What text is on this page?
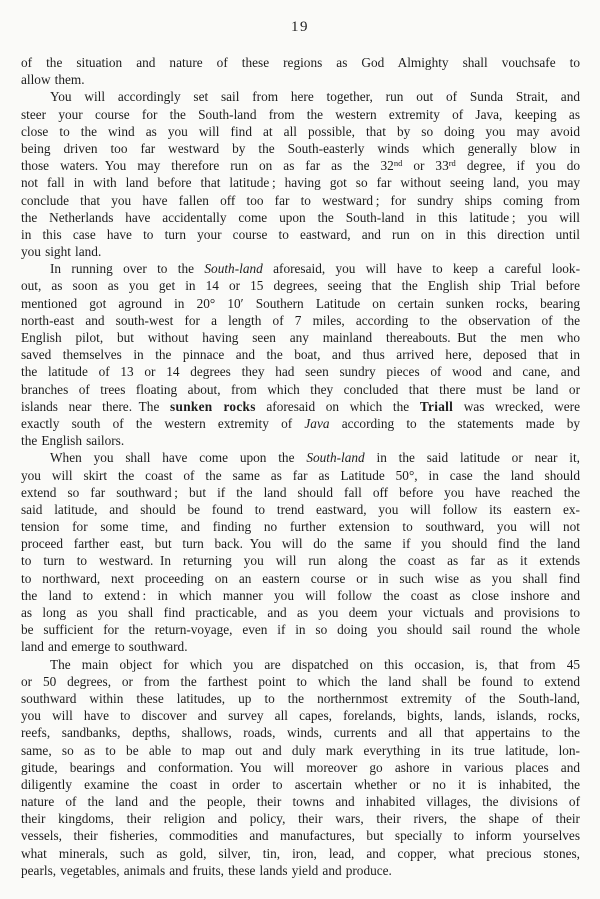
19
of the situation and nature of these regions as God Almighty shall vouchsafe to
allow them.
You will accordingly set sail from here together, run out of Sunda Strait, and
steer your course for the South-land from the western extremity of Java, keeping as
close to the wind as you will find at all possible, that by so doing you may avoid
being driven too far westward by the South-easterly winds which generally blow in
those waters. You may therefore run on as far as the 32nd or 33rd degree, if you do
not fall in with land before that latitude ; having got so far without seeing land, you may
conclude that you have fallen off too far to westward ; for sundry ships coming from
the Netherlands have accidentally come upon the South-land in this latitude ; you will
in this case have to turn your course to eastward, and run on in this direction until
you sight land.
In running over to the South-land aforesaid, you will have to keep a careful look-
out, as soon as you get in 14 or 15 degrees, seeing that the English ship Trial before
mentioned got aground in 20° 10′ Southern Latitude on certain sunken rocks, bearing
north-east and south-west for a length of 7 miles, according to the observation of the
English pilot, but without having seen any mainland thereabouts. But the men who
saved themselves in the pinnace and the boat, and thus arrived here, deposed that in
the latitude of 13 or 14 degrees they had seen sundry pieces of wood and cane, and
branches of trees floating about, from which they concluded that there must be land or
islands near there. The sunken rocks aforesaid on which the Triall was wrecked, were
exactly south of the western extremity of Java according to the statements made by
the English sailors.
When you shall have come upon the South-land in the said latitude or near it,
you will skirt the coast of the same as far as Latitude 50°, in case the land should
extend so far southward ; but if the land should fall off before you have reached the
said latitude, and should be found to trend eastward, you will follow its eastern ex-
tension for some time, and finding no further extension to southward, you will not
proceed farther east, but turn back. You will do the same if you should find the land
to turn to westward. In returning you will run along the coast as far as it extends
to northward, next proceeding on an eastern course or in such wise as you shall find
the land to extend : in which manner you will follow the coast as close inshore and
as long as you shall find practicable, and as you deem your victuals and provisions to
be sufficient for the return-voyage, even if in so doing you should sail round the whole
land and emerge to southward.
The main object for which you are dispatched on this occasion, is, that from 45
or 50 degrees, or from the farthest point to which the land shall be found to extend
southward within these latitudes, up to the northernmost extremity of the South-land,
you will have to discover and survey all capes, forelands, bights, lands, islands, rocks,
reefs, sandbanks, depths, shallows, roads, winds, currents and all that appertains to the
same, so as to be able to map out and duly mark everything in its true latitude, lon-
gitude, bearings and conformation. You will moreover go ashore in various places and
diligently examine the coast in order to ascertain whether or no it is inhabited, the
nature of the land and the people, their towns and inhabited villages, the divisions of
their kingdoms, their religion and policy, their wars, their rivers, the shape of their
vessels, their fisheries, commodities and manufactures, but specially to inform yourselves
what minerals, such as gold, silver, tin, iron, lead, and copper, what precious stones,
pearls, vegetables, animals and fruits, these lands yield and produce.
